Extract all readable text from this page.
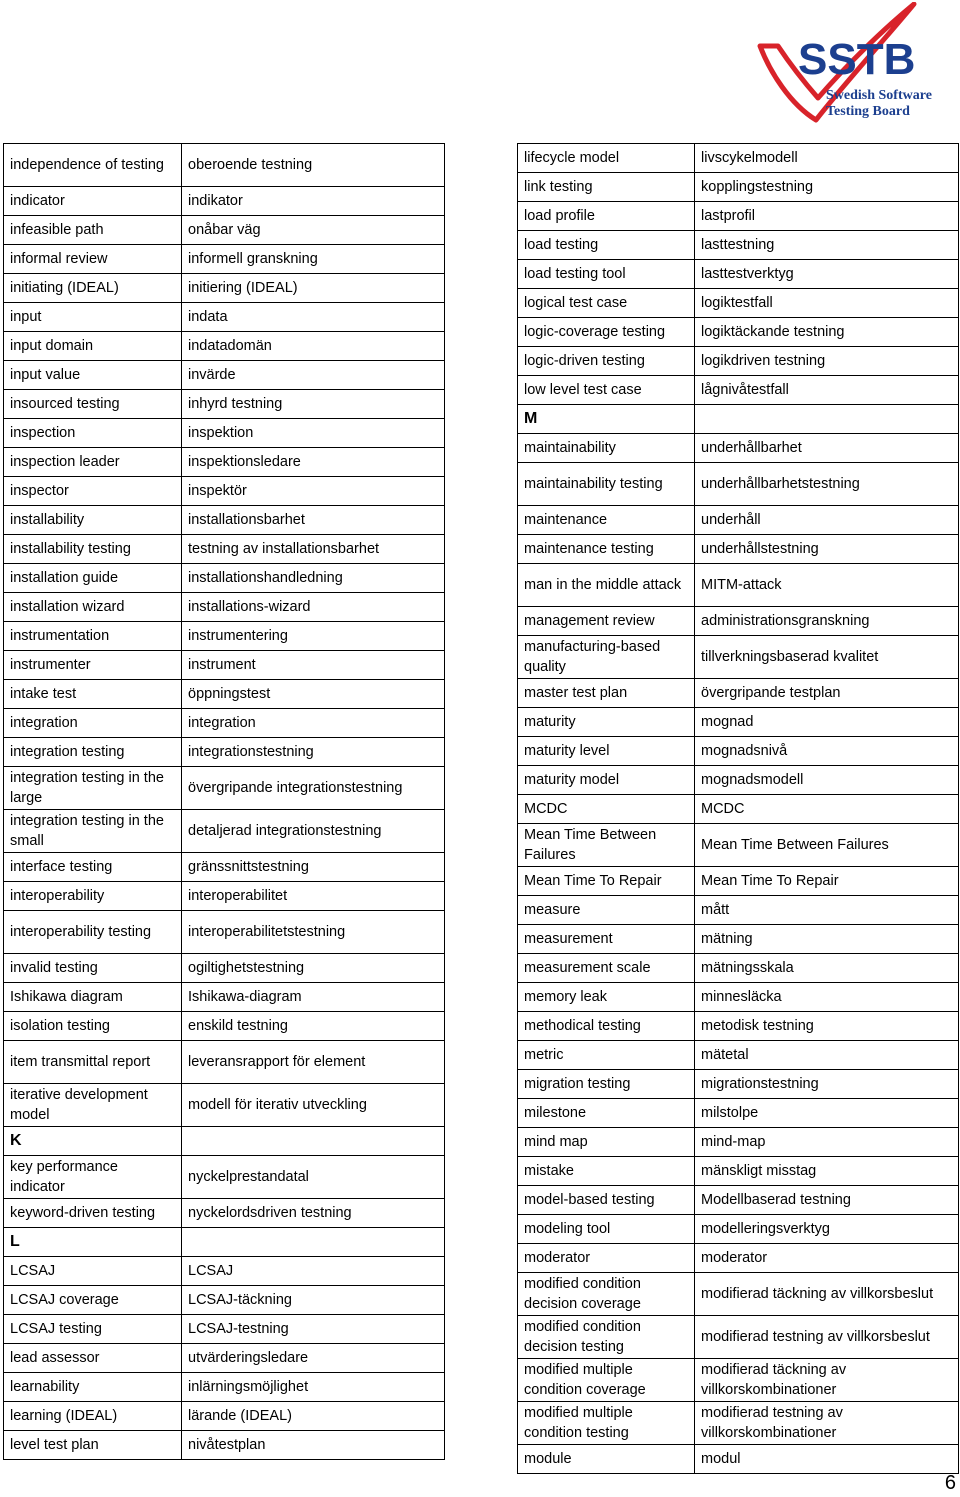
SSTB
Swedish Software
Testing Board
independence of testing	oberoende testning
indicator	indikator
infeasible path	onåbar väg
informal review	informell granskning
initiating (IDEAL)	initiering (IDEAL)
input	indata
input domain	indatadomän
input value	invärde
insourced testing	inhyrd testning
inspection	inspektion
inspection leader	inspektionsledare
inspector	inspektör
installability	installationsbarhet
installability testing	testning av installationsbarhet
installation guide	installationshandledning
installation wizard	installations-wizard
instrumentation	instrumentering
instrumenter	instrument
intake test	öppningstest
integration	integration
integration testing	integrationstestning
integration testing in the large	övergripande integrationstestning
integration testing in the small	detaljerad integrationstestning
interface testing	gränssnittstestning
interoperability	interoperabilitet
interoperability testing	interoperabilitetstestning
invalid testing	ogiltighetstestning
Ishikawa diagram	Ishikawa-diagram
isolation testing	enskild testning
item transmittal report	leveransrapport för element
iterative development model	modell för iterativ utveckling
K	
key performance indicator	nyckelprestandatal
keyword-driven testing	nyckelordsdriven testning
L	
LCSAJ	LCSAJ
LCSAJ coverage	LCSAJ-täckning
LCSAJ testing	LCSAJ-testning
lead assessor	utvärderingsledare
learnability	inlärningsmöjlighet
learning (IDEAL)	lärande (IDEAL)
level test plan	nivåtestplan
lifecycle model	livscykelmodell
link testing	kopplingstestning
load profile	lastprofil
load testing	lasttestning
load testing tool	lasttestverktyg
logical test case	logiktestfall
logic-coverage testing	logiktäckande testning
logic-driven testing	logikdriven testning
low level test case	lågnivåtestfall
M	
maintainability	underhållbarhet
maintainability testing	underhållbarhetstestning
maintenance	underhåll
maintenance testing	underhållstestning
man in the middle attack	MITM-attack
management review	administrationsgranskning
manufacturing-based quality	tillverkningsbaserad kvalitet
master test plan	övergripande testplan
maturity	mognad
maturity level	mognadsnivå
maturity model	mognadsmodell
MCDC	MCDC
Mean Time Between Failures	Mean Time Between Failures
Mean Time To Repair	Mean Time To Repair
measure	mått
measurement	mätning
measurement scale	mätningsskala
memory leak	minnesläcka
methodical testing	metodisk testning
metric	mätetal
migration testing	migrationstestning
milestone	milstolpe
mind map	mind-map
mistake	mänskligt misstag
model-based testing	Modellbaserad testning
modeling tool	modelleringsverktyg
moderator	moderator
modified condition decision coverage	modifierad täckning av villkorsbeslut
modified condition decision testing	modifierad testning av villkorsbeslut
modified multiple condition coverage	modifierad täckning av villkorskombinationer
modified multiple condition testing	modifierad testning av villkorskombinationer
module	modul
6
